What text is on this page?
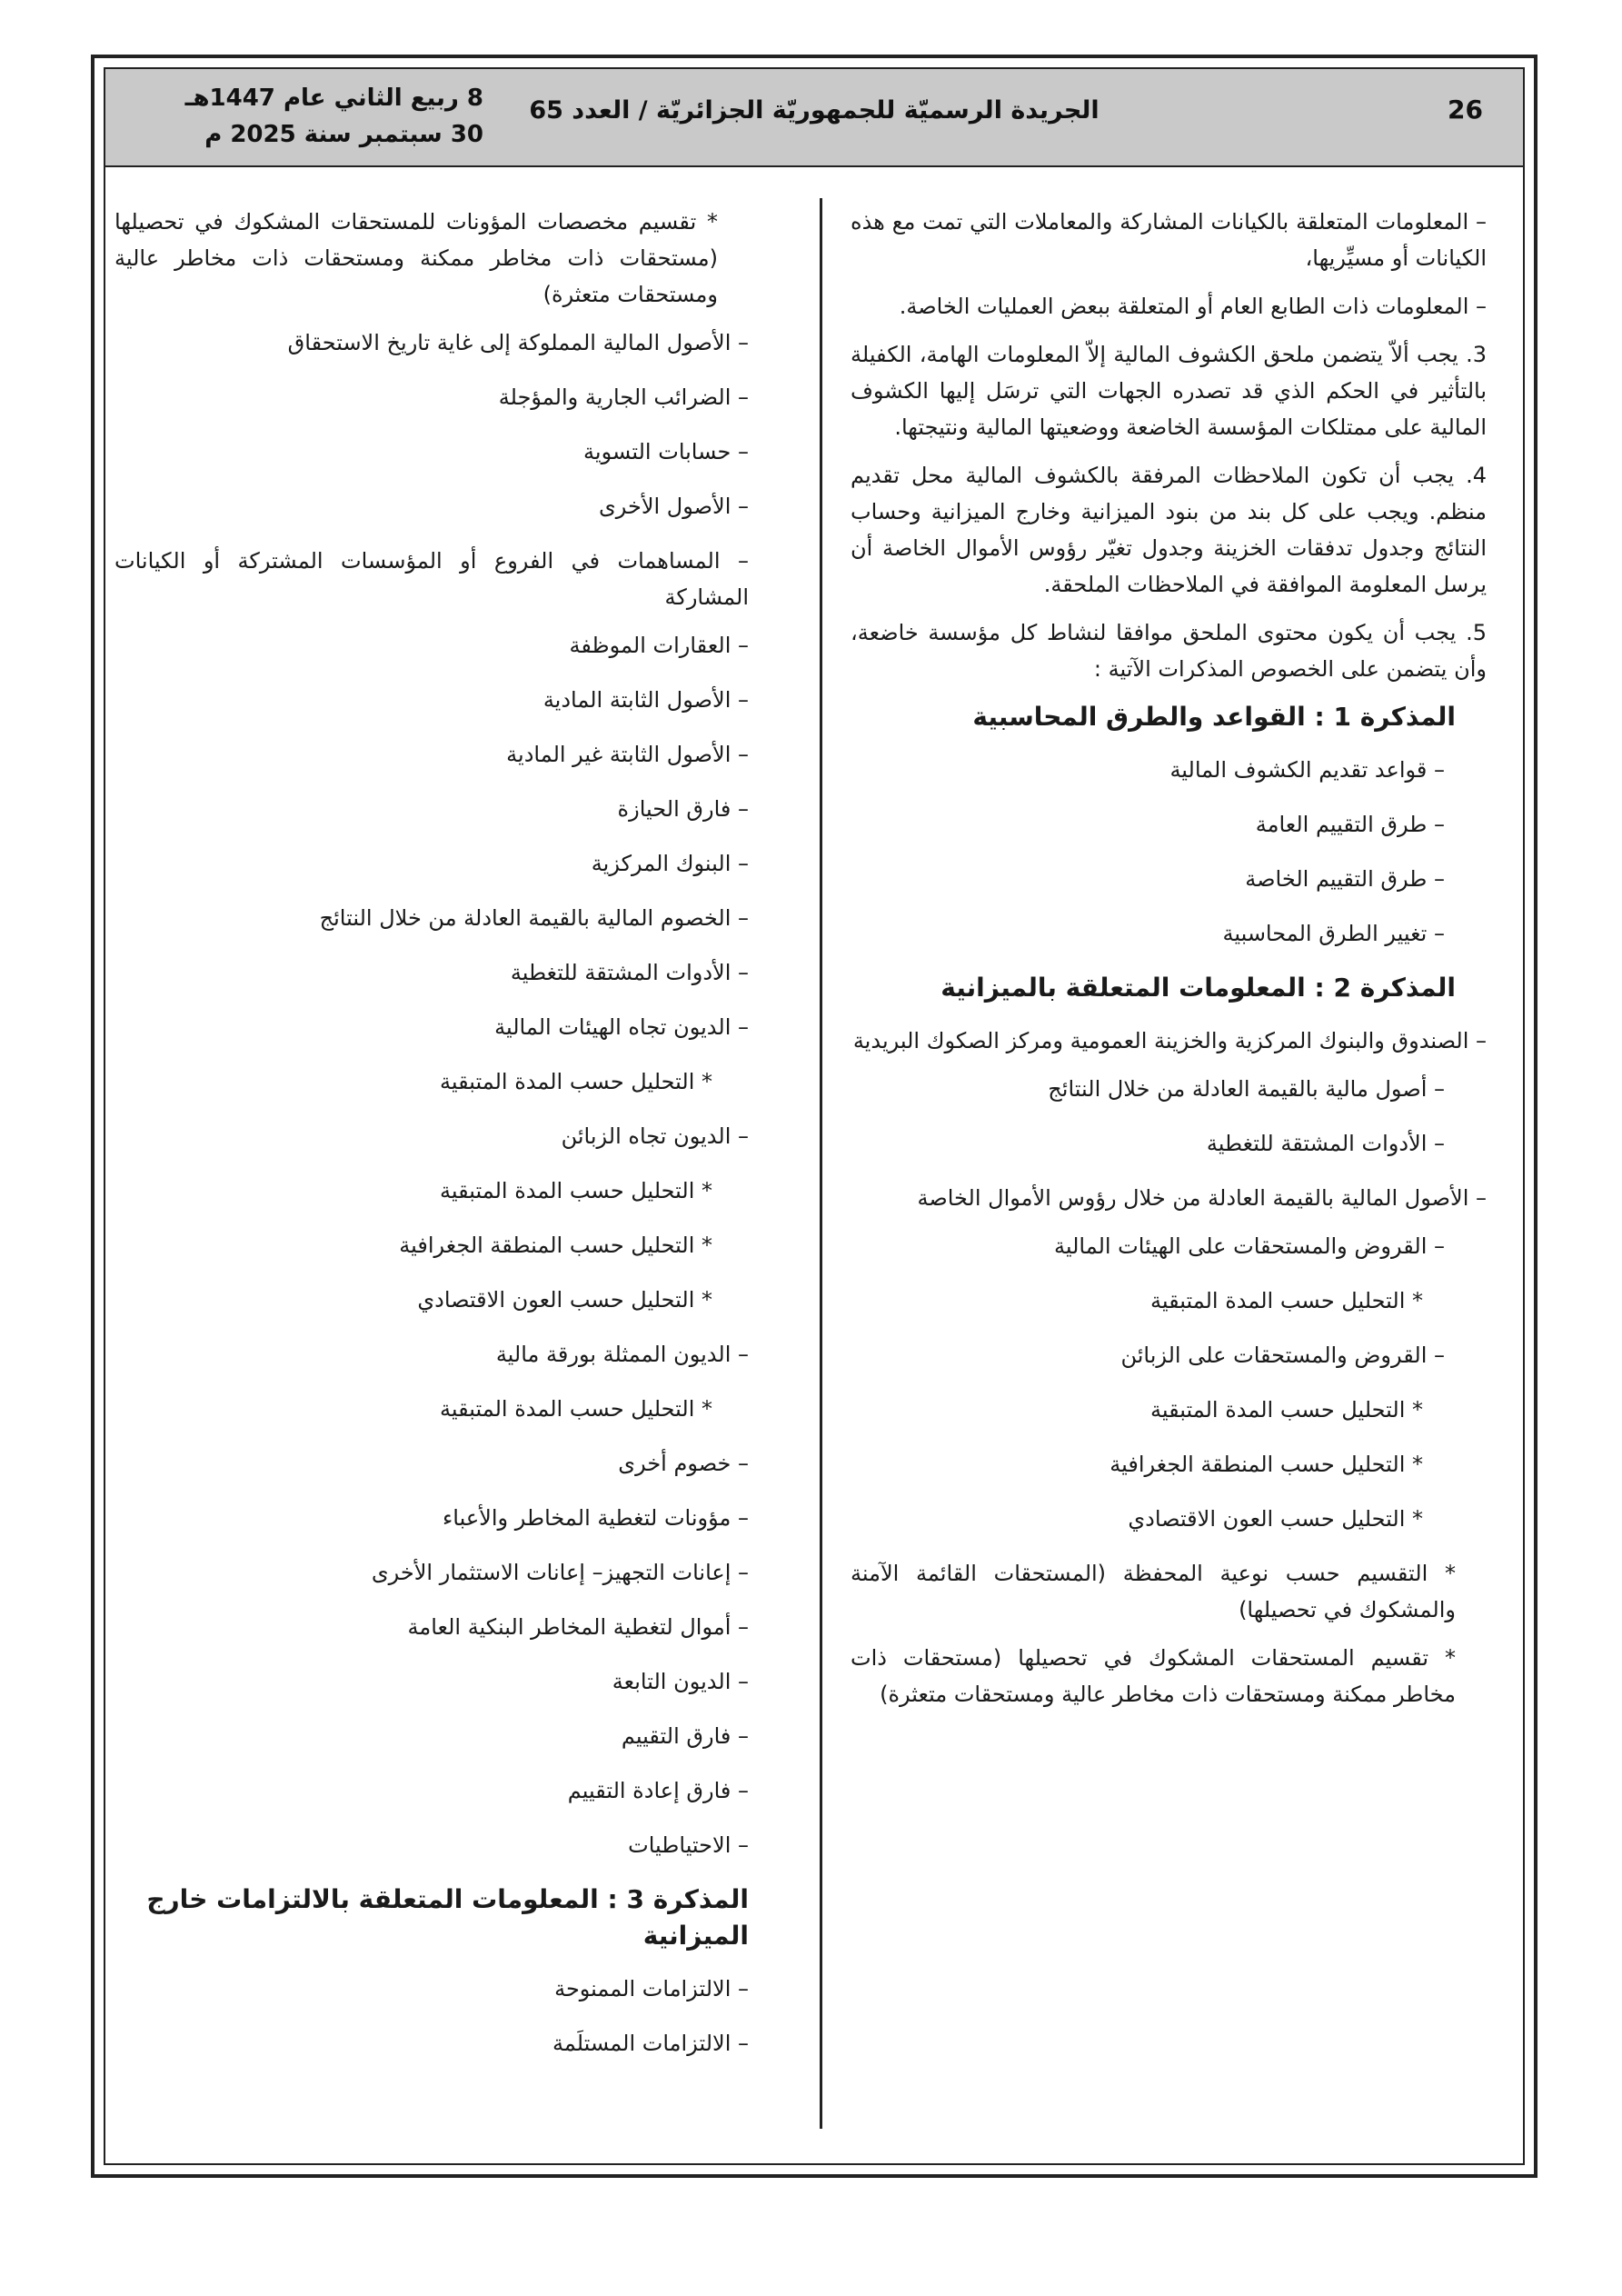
26
الجريدة الرسميّة للجمهوريّة الجزائريّة / العدد 65
8 ربيع الثاني عام 1447هـ
30 سبتمبر سنة 2025 م

– المعلومات المتعلقة بالكيانات المشاركة والمعاملات التي تمت مع هذه الكيانات أو مسيِّريها،

– المعلومات ذات الطابع العام أو المتعلقة ببعض العمليات الخاصة.

3. يجب ألاّ يتضمن ملحق الكشوف المالية إلاّ المعلومات الهامة، الكفيلة بالتأثير في الحكم الذي قد تصدره الجهات التي ترسَل إليها الكشوف المالية على ممتلكات المؤسسة الخاضعة ووضعيتها المالية ونتيجتها.

4. يجب أن تكون الملاحظات المرفقة بالكشوف المالية محل تقديم منظم. ويجب على كل بند من بنود الميزانية وخارج الميزانية وحساب النتائج وجدول تدفقات الخزينة وجدول تغيّر رؤوس الأموال الخاصة أن يرسل المعلومة الموافقة في الملاحظات الملحقة.

5. يجب أن يكون محتوى الملحق موافقا لنشاط كل مؤسسة خاضعة، وأن يتضمن على الخصوص المذكرات الآتية :

المذكرة 1 : القواعد والطرق المحاسبية
– قواعد تقديم الكشوف المالية
– طرق التقييم العامة
– طرق التقييم الخاصة
– تغيير الطرق المحاسبية
المذكرة 2 : المعلومات المتعلقة بالميزانية

– الصندوق والبنوك المركزية والخزينة العمومية ومركز الصكوك البريدية

– أصول مالية بالقيمة العادلة من خلال النتائج
– الأدوات المشتقة للتغطية

– الأصول المالية بالقيمة العادلة من خلال رؤوس الأموال الخاصة

– القروض والمستحقات على الهيئات المالية
* التحليل حسب المدة المتبقية
– القروض والمستحقات على الزبائن
* التحليل حسب المدة المتبقية
* التحليل حسب المنطقة الجغرافية
* التحليل حسب العون الاقتصادي

* التقسيم حسب نوعية المحفظة (المستحقات القائمة الآمنة والمشكوك في تحصيلها)

* تقسيم المستحقات المشكوك في تحصيلها (مستحقات ذات مخاطر ممكنة ومستحقات ذات مخاطر عالية ومستحقات متعثرة)

* تقسيم مخصصات المؤونات للمستحقات المشكوك في تحصيلها (مستحقات ذات مخاطر ممكنة ومستحقات ذات مخاطر عالية ومستحقات متعثرة)

– الأصول المالية المملوكة إلى غاية تاريخ الاستحقاق
– الضرائب الجارية والمؤجلة
– حسابات التسوية
– الأصول الأخرى

– المساهمات في الفروع أو المؤسسات المشتركة أو الكيانات المشاركة

– العقارات الموظفة
– الأصول الثابتة المادية
– الأصول الثابتة غير المادية
– فارق الحيازة
– البنوك المركزية
– الخصوم المالية بالقيمة العادلة من خلال النتائج
– الأدوات المشتقة للتغطية
– الديون تجاه الهيئات المالية
* التحليل حسب المدة المتبقية
– الديون تجاه الزبائن
* التحليل حسب المدة المتبقية
* التحليل حسب المنطقة الجغرافية
* التحليل حسب العون الاقتصادي
– الديون الممثلة بورقة مالية
* التحليل حسب المدة المتبقية
– خصوم أخرى
– مؤونات لتغطية المخاطر والأعباء
– إعانات التجهيز– إعانات الاستثمار الأخرى
– أموال لتغطية المخاطر البنكية العامة
– الديون التابعة
– فارق التقييم
– فارق إعادة التقييم
– الاحتياطيات
المذكرة 3 : المعلومات المتعلقة بالالتزامات خارج الميزانية
– الالتزامات الممنوحة
– الالتزامات المستلَمة
